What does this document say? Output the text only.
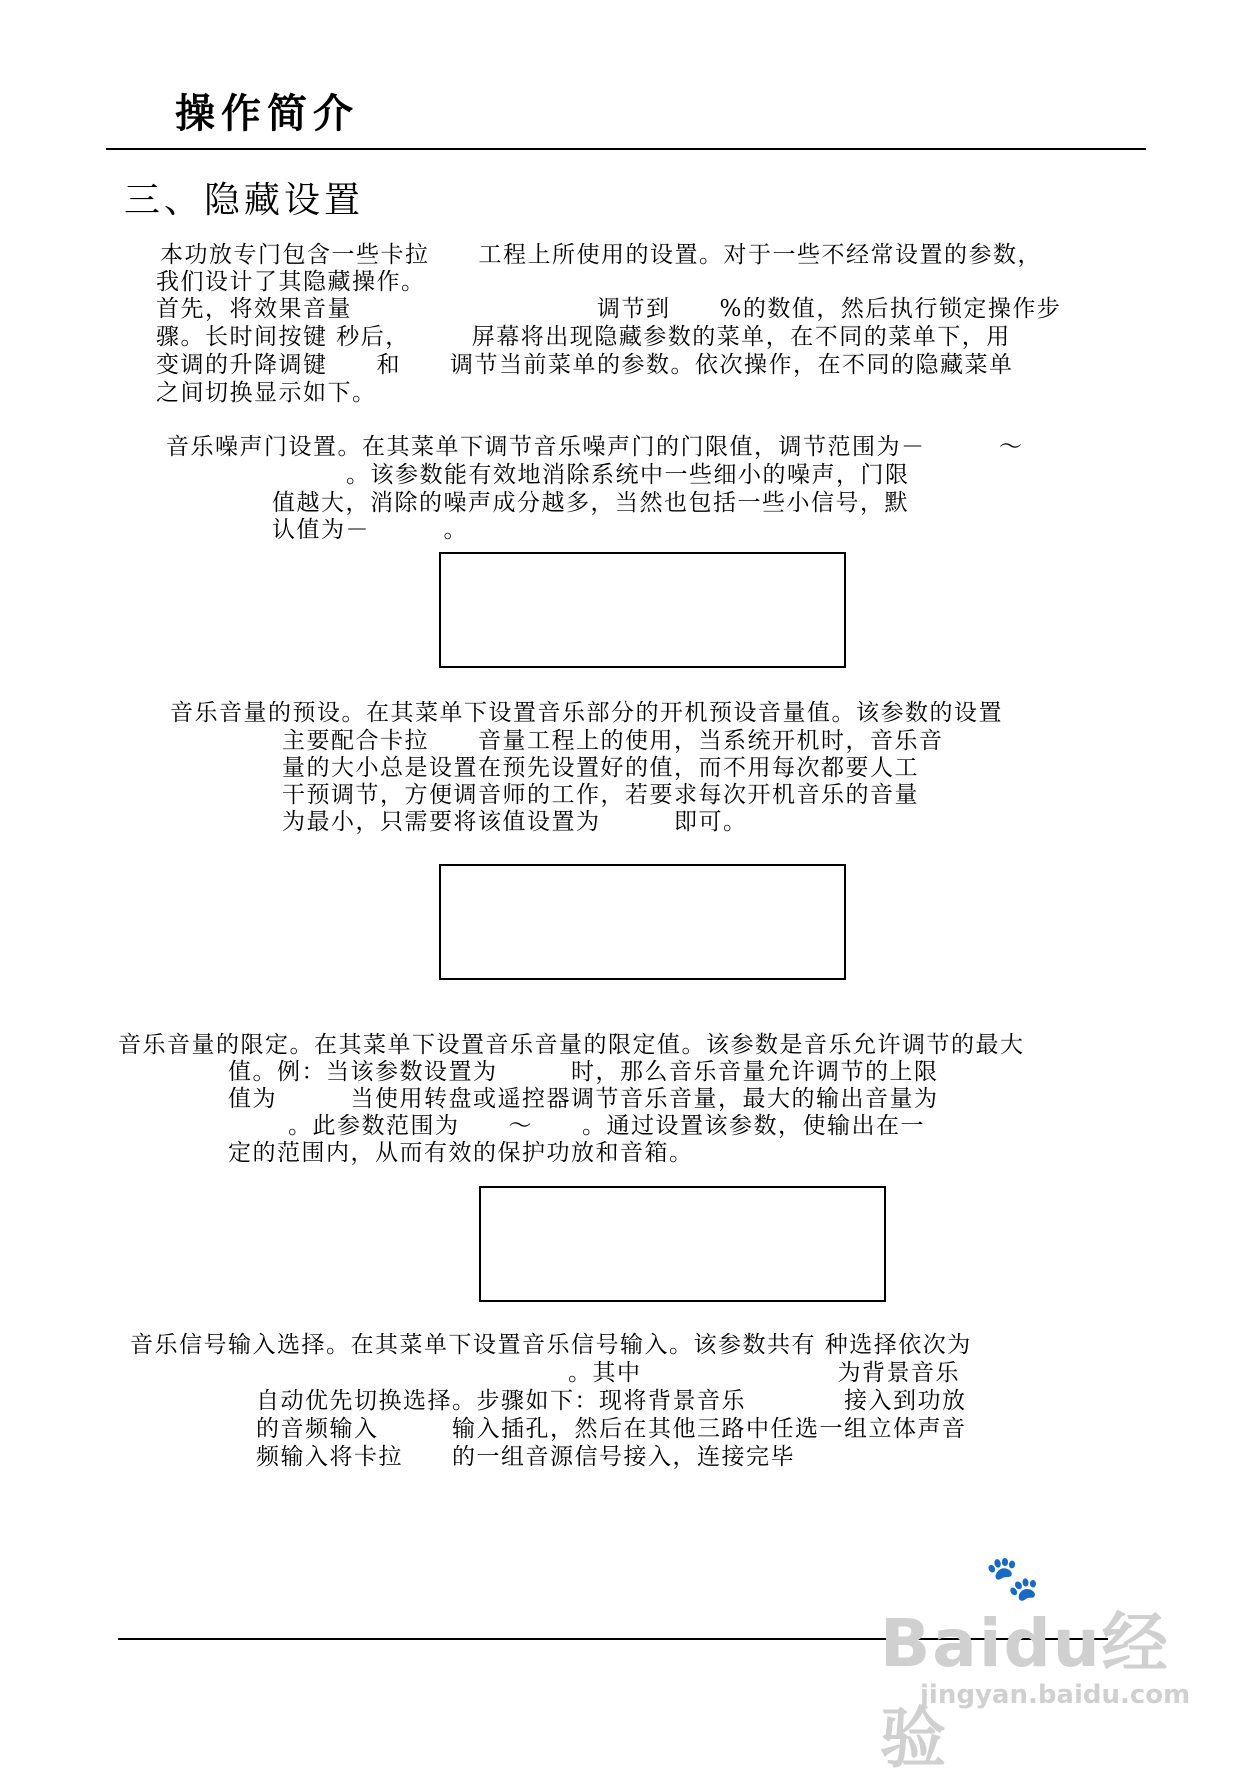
操作简介
三、隐藏设置
本功放专门包含一些卡拉　　工程上所使用的设置。对于一些不经常设置的参数，
我们设计了其隐藏操作。
首先，将效果音量　　　　　　　　　　调节到　　%的数值，然后执行锁定操作步
骤。长时间按键 秒后，　　　屏幕将出现隐藏参数的菜单，在不同的菜单下，用
变调的升降调键　　和　　调节当前菜单的参数。依次操作，在不同的隐藏菜单
之间切换显示如下。
音乐噪声门设置。在其菜单下调节音乐噪声门的门限值，调节范围为－　　　～
。该参数能有效地消除系统中一些细小的噪声，门限
值越大，消除的噪声成分越多，当然也包括一些小信号，默
认值为－　　　。
音乐音量的预设。在其菜单下设置音乐部分的开机预设音量值。该参数的设置
主要配合卡拉　　音量工程上的使用，当系统开机时，音乐音
量的大小总是设置在预先设置好的值，而不用每次都要人工
干预调节，方便调音师的工作，若要求每次开机音乐的音量
为最小，只需要将该值设置为　　　即可。
音乐音量的限定。在其菜单下设置音乐音量的限定值。该参数是音乐允许调节的最大
值。例：当该参数设置为　　　时，那么音乐音量允许调节的上限
值为　　　当使用转盘或遥控器调节音乐音量，最大的输出音量为
。此参数范围为　　～　　。通过设置该参数，使输出在一
定的范围内，从而有效的保护功放和音箱。
音乐信号输入选择。在其菜单下设置音乐信号输入。该参数共有 种选择依次为
。其中　　　　　　　　为背景音乐
自动优先切换选择。步骤如下：现将背景音乐　　　　接入到功放
的音频输入　　　输入插孔，然后在其他三路中任选一组立体声音
频输入将卡拉　　的一组音源信号接入，连接完毕
🐾
Baidu经验
jingyan.baidu.com
